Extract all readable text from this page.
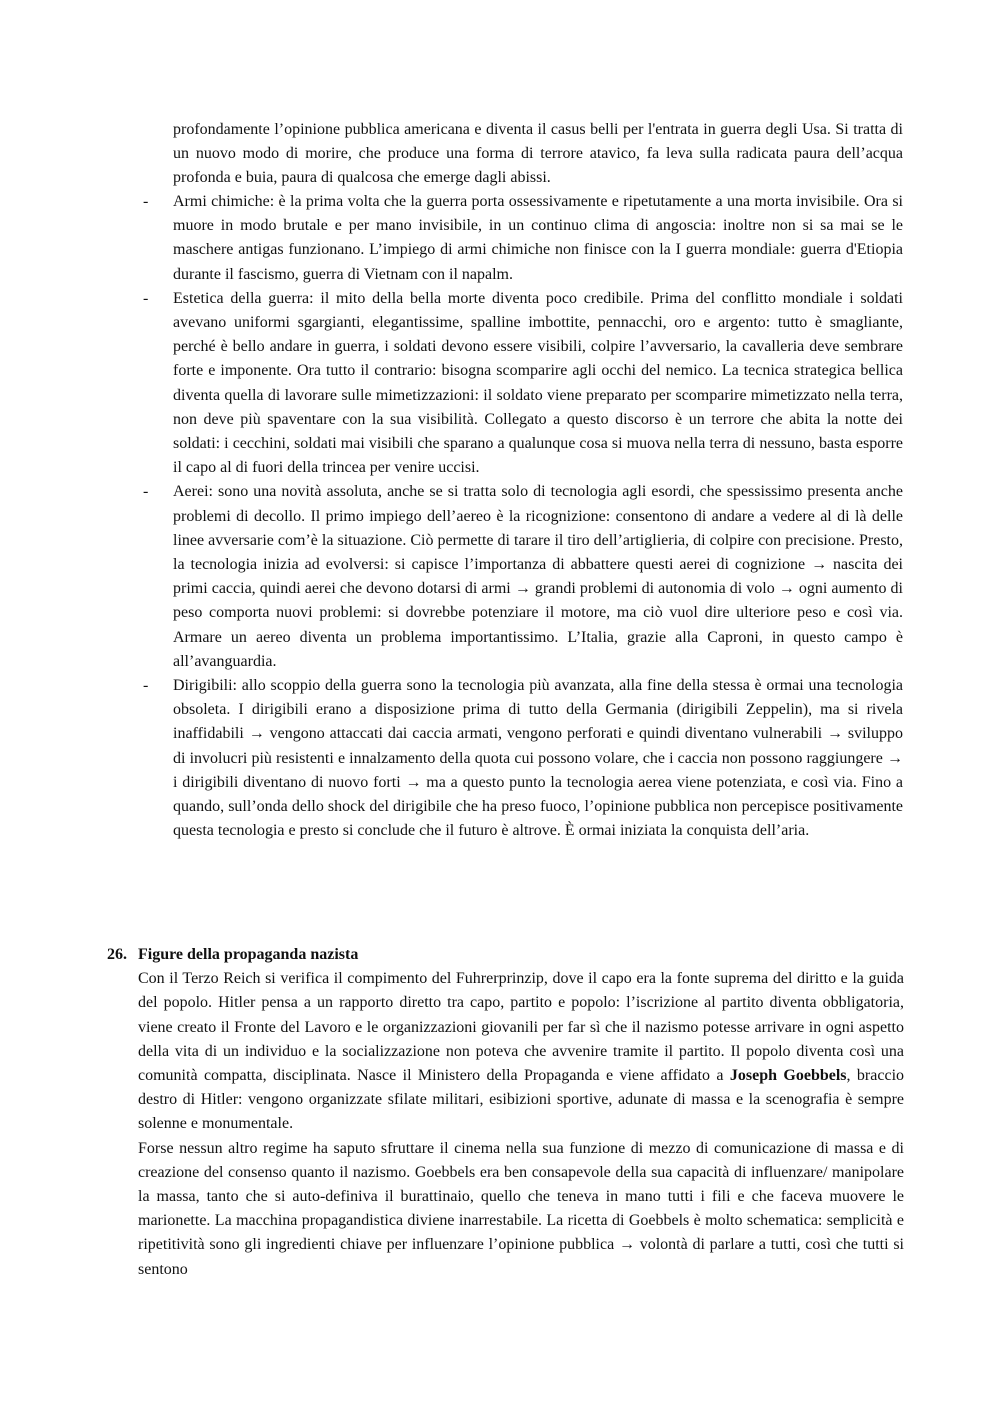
profondamente l’opinione pubblica americana e diventa il casus belli per l'entrata in guerra degli Usa. Si tratta di un nuovo modo di morire, che produce una forma di terrore atavico, fa leva sulla radicata paura dell’acqua profonda e buia, paura di qualcosa che emerge dagli abissi.
- Armi chimiche: è la prima volta che la guerra porta ossessivamente e ripetutamente a una morta invisibile. Ora si muore in modo brutale e per mano invisibile, in un continuo clima di angoscia: inoltre non si sa mai se le maschere antigas funzionano. L’impiego di armi chimiche non finisce con la I guerra mondiale: guerra d'Etiopia durante il fascismo, guerra di Vietnam con il napalm.
- Estetica della guerra: il mito della bella morte diventa poco credibile. Prima del conflitto mondiale i soldati avevano uniformi sgargianti, elegantissime, spalline imbottite, pennacchi, oro e argento: tutto è smagliante, perché è bello andare in guerra, i soldati devono essere visibili, colpire l’avversario, la cavalleria deve sembrare forte e imponente. Ora tutto il contrario: bisogna scomparire agli occhi del nemico. La tecnica strategica bellica diventa quella di lavorare sulle mimetizzazioni: il soldato viene preparato per scomparire mimetizzato nella terra, non deve più spaventare con la sua visibilità. Collegato a questo discorso è un terrore che abita la notte dei soldati: i cecchini, soldati mai visibili che sparano a qualunque cosa si muova nella terra di nessuno, basta esporre il capo al di fuori della trincea per venire uccisi.
- Aerei: sono una novità assoluta, anche se si tratta solo di tecnologia agli esordi, che spessissimo presenta anche problemi di decollo. Il primo impiego dell’aereo è la ricognizione: consentono di andare a vedere al di là delle linee avversarie com’è la situazione. Ciò permette di tarare il tiro dell’artiglieria, di colpire con precisione. Presto, la tecnologia inizia ad evolversi: si capisce l’importanza di abbattere questi aerei di cognizione → nascita dei primi caccia, quindi aerei che devono dotarsi di armi → grandi problemi di autonomia di volo → ogni aumento di peso comporta nuovi problemi: si dovrebbe potenziare il motore, ma ciò vuol dire ulteriore peso e così via. Armare un aereo diventa un problema importantissimo. L’Italia, grazie alla Caproni, in questo campo è all’avanguardia.
- Dirigibili: allo scoppio della guerra sono la tecnologia più avanzata, alla fine della stessa è ormai una tecnologia obsoleta. I dirigibili erano a disposizione prima di tutto della Germania (dirigibili Zeppelin), ma si rivela inaffidabili → vengono attaccati dai caccia armati, vengono perforati e quindi diventano vulnerabili → sviluppo di involucri più resistenti e innalzamento della quota cui possono volare, che i caccia non possono raggiungere → i dirigibili diventano di nuovo forti → ma a questo punto la tecnologia aerea viene potenziata, e così via. Fino a quando, sull’onda dello shock del dirigibile che ha preso fuoco, l’opinione pubblica non percepisce positivamente questa tecnologia e presto si conclude che il futuro è altrove. È ormai iniziata la conquista dell’aria.
26. Figure della propaganda nazista

Con il Terzo Reich si verifica il compimento del Fuhrerprinzip, dove il capo era la fonte suprema del diritto e la guida del popolo. Hitler pensa a un rapporto diretto tra capo, partito e popolo: l’iscrizione al partito diventa obbligatoria, viene creato il Fronte del Lavoro e le organizzazioni giovanili per far sì che il nazismo potesse arrivare in ogni aspetto della vita di un individuo e la socializzazione non poteva che avvenire tramite il partito. Il popolo diventa così una comunità compatta, disciplinata. Nasce il Ministero della Propaganda e viene affidato a Joseph Goebbels, braccio destro di Hitler: vengono organizzate sfilate militari, esibizioni sportive, adunate di massa e la scenografia è sempre solenne e monumentale.

Forse nessun altro regime ha saputo sfruttare il cinema nella sua funzione di mezzo di comunicazione di massa e di creazione del consenso quanto il nazismo. Goebbels era ben consapevole della sua capacità di influenzare/ manipolare la massa, tanto che si auto-definiva il burattinaio, quello che teneva in mano tutti i fili e che faceva muovere le marionette. La macchina propagandistica diviene inarrestabile. La ricetta di Goebbels è molto schematica: semplicità e ripetitività sono gli ingredienti chiave per influenzare l’opinione pubblica → volontà di parlare a tutti, così che tutti si sentono
